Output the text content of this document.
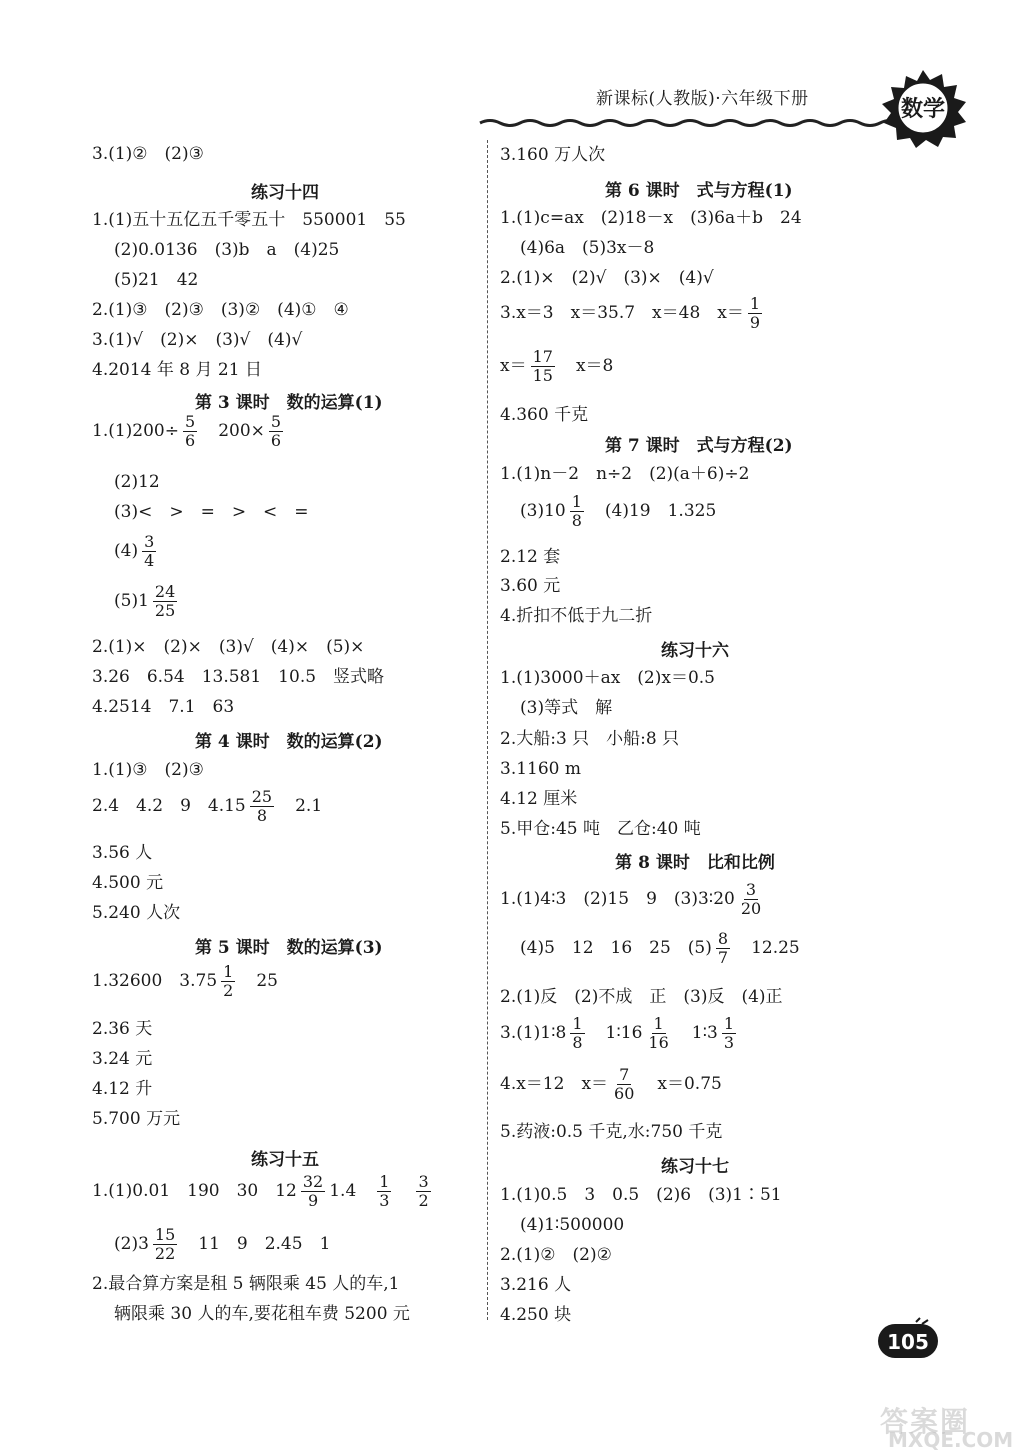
新课标(人教版)·六年级下册	数学
3.(1)②　(2)③
练习十四
1.(1)五十五亿五千零五十　550001　55
(2)0.0136　(3)b　a　(4)25
(5)21　42
2.(1)③　(2)③　(3)②　(4)①　④
3.(1)√　(2)×　(3)√　(4)√
4.2014 年 8 月 21 日
第 3 课时　数的运算(1)
$1.(1)200\div \frac{5}{6}$
  $200\times \frac{5}{6}$
(2)12
(3)<　>　=　>　<　=
$(4) \frac{3}{4}$
$(5)1 \frac{24}{25}$
2.(1)×　(2)×　(3)√　(4)×　(5)×
3.26　6.54　13.581　10.5　竖式略
4.2514　7.1　63
第 4 课时　数的运算(2)
1.(1)③　(2)③
2.4　4.2　9　$4.15 \frac{25}{8}$
  2.1
3.56 人
4.500 元
5.240 人次
第 5 课时　数的运算(3)
1.32600　$3.75 \frac{1}{2}$
  25
2.36 天
3.24 元
4.12 升
5.700 万元
练习十五
1.(1)0.01　190　30　$12 \frac{32}{9} 1.4$  $\frac{1}{3}$
  $\frac{3}{2}$
$(2)3 \frac{15}{22}$
  11　9　2.45　1
2.最合算方案是租 5 辆限乘 45 人的车,1
辆限乘 30 人的车,要花租车费 5200 元
3.160 万人次
第 6 课时　式与方程(1)
1.(1)c=ax　(2)18－x　(3)6a＋b　24
(4)6a　(5)3x－8
2.(1)×　(2)√　(3)×　(4)√
3.x＝3　x＝35.7　x＝48　$x= \frac{1}{9}$
$x= \frac{17}{15}$
  x＝8
4.360 千克
第 7 课时　式与方程(2)
1.(1)n－2　n÷2　(2)(a＋6)÷2
$(3)10 \frac{1}{8}$
  (4)19　1.325
2.12 套
3.60 元
4.折扣不低于九二折
练习十六
1.(1)3000＋ax　(2)x＝0.5
(3)等式　解
2.大船:3 只　小船:8 只
3.1160 m
4.12 厘米
5.甲仓:45 吨　乙仓:40 吨
第 8 课时　比和比例
1.(1)4∶3　(2)15　9　(3)3∶20 $\frac{3}{20}$
(4)5　12　16　25　$(5) \frac{8}{7}$
  12.25
2.(1)反　(2)不成　正　(3)反　(4)正
3.(1)1∶8 $\frac{1}{8}$
  1∶16 $\frac{1}{16}$
  1∶3 $\frac{1}{3}$
4.x＝12　$x= \frac{7}{60}$
  x＝0.75
5.药液:0.5 千克,水:750 千克
练习十七
1.(1)0.5　3　0.5　(2)6　(3)1∶51
(4)1∶500000
2.(1)②　(2)②
3.216 人
4.250 块
105
答案圈
MXQE.COM
